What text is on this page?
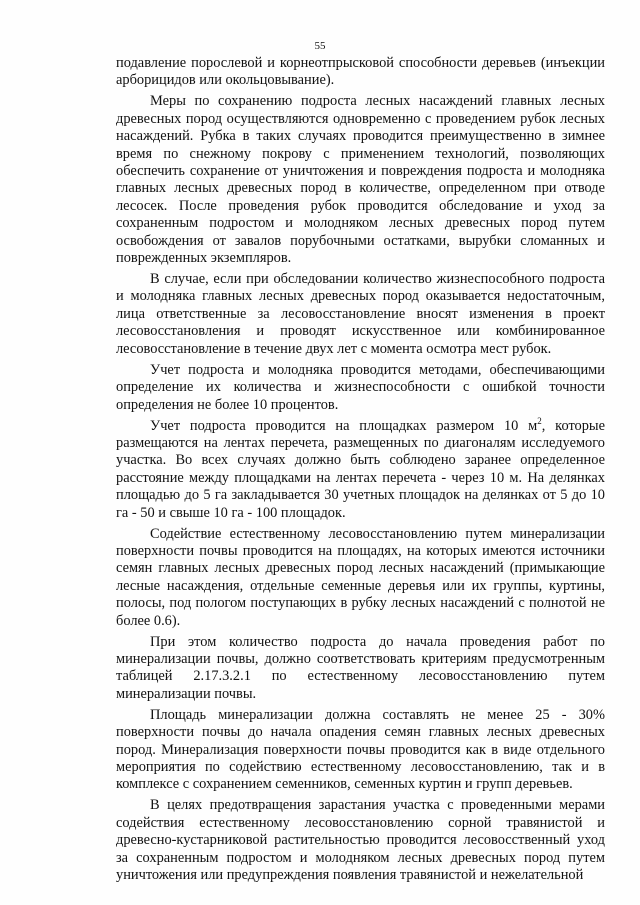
55

подавление порослевой и корнеотпрысковой способности деревьев (инъекции арборицидов или окольцовывание).

Меры по сохранению подроста лесных насаждений главных лесных древесных пород осуществляются одновременно с проведением рубок лесных насаждений. Рубка в таких случаях проводится преимущественно в зимнее время по снежному покрову с применением технологий, позволяющих обеспечить сохранение от уничтожения и повреждения подроста и молодняка главных лесных древесных пород в количестве, определенном при отводе лесосек. После проведения рубок проводится обследование и уход за сохраненным подростом и молодняком лесных древесных пород путем освобождения от завалов порубочными остатками, вырубки сломанных и поврежденных экземпляров.

В случае, если при обследовании количество жизнеспособного подроста и молодняка главных лесных древесных пород оказывается недостаточным, лица ответственные за лесовосстановление вносят изменения в проект лесовосстановления и проводят искусственное или комбинированное лесовосстановление в течение двух лет с момента осмотра мест рубок.

Учет подроста и молодняка проводится методами, обеспечивающими определение их количества и жизнеспособности с ошибкой точности определения не более 10 процентов.

Учет подроста проводится на площадках размером 10 $м^2$, которые размещаются на лентах перечета, размещенных по диагоналям исследуемого участка. Во всех случаях должно быть соблюдено заранее определенное расстояние между площадками на лентах перечета - через 10 м. На делянках площадью до 5 га закладывается 30 учетных площадок на делянках от 5 до 10 га - 50 и свыше 10 га - 100 площадок.

Содействие естественному лесовосстановлению путем минерализации поверхности почвы проводится на площадях, на которых имеются источники семян главных лесных древесных пород лесных насаждений (примыкающие лесные насаждения, отдельные семенные деревья или их группы, куртины, полосы, под пологом поступающих в рубку лесных насаждений с полнотой не более 0.6).

При этом количество подроста до начала проведения работ по минерализации почвы, должно соответствовать критериям предусмотренным таблицей 2.17.3.2.1 по естественному лесовосстановлению путем минерализации почвы.

Площадь минерализации должна составлять не менее 25 - 30% поверхности почвы до начала опадения семян главных лесных древесных пород. Минерализация поверхности почвы проводится как в виде отдельного мероприятия по содействию естественному лесовосстановлению, так и в комплексе с сохранением семенников, семенных куртин и групп деревьев.

В целях предотвращения зарастания участка с проведенными мерами содействия естественному лесовосстановлению сорной травянистой и древесно-кустарниковой растительностью проводится лесовосственный уход за сохраненным подростом и молодняком лесных древесных пород путем уничтожения или предупреждения появления травянистой и нежелательной
